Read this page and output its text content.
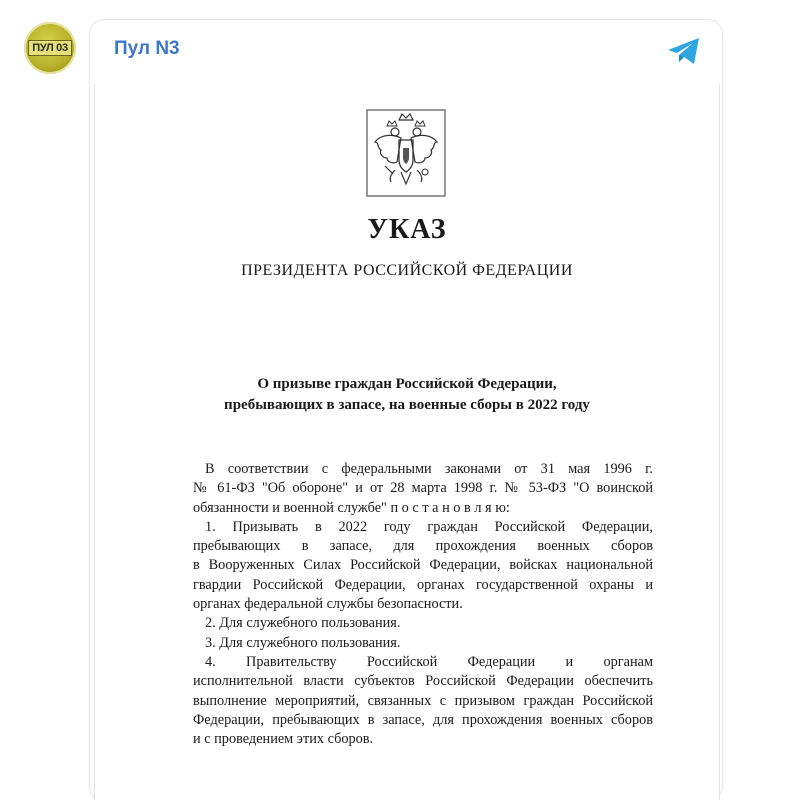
ПУЛ 03 Пул N3
УКАЗ
ПРЕЗИДЕНТА РОССИЙСКОЙ ФЕДЕРАЦИИ
О призыве граждан Российской Федерации,
пребывающих в запасе, на военные сборы в 2022 году
В соответствии с федеральными законами от 31 мая 1996 г.
№ 61-ФЗ "Об обороне" и от 28 марта 1998 г. № 53-ФЗ "О воинской
обязанности и военной службе" п о с т а н о в л я ю:
1. Призывать в 2022 году граждан Российской Федерации,
пребывающих в запасе, для прохождения военных сборов
в Вооруженных Силах Российской Федерации, войсках национальной
гвардии Российской Федерации, органах государственной охраны и
органах федеральной службы безопасности.
2. Для служебного пользования.
3. Для служебного пользования.
4. Правительству Российской Федерации и органам
исполнительной власти субъектов Российской Федерации обеспечить
выполнение мероприятий, связанных с призывом граждан Российской
Федерации, пребывающих в запасе, для прохождения военных сборов
и с проведением этих сборов.
